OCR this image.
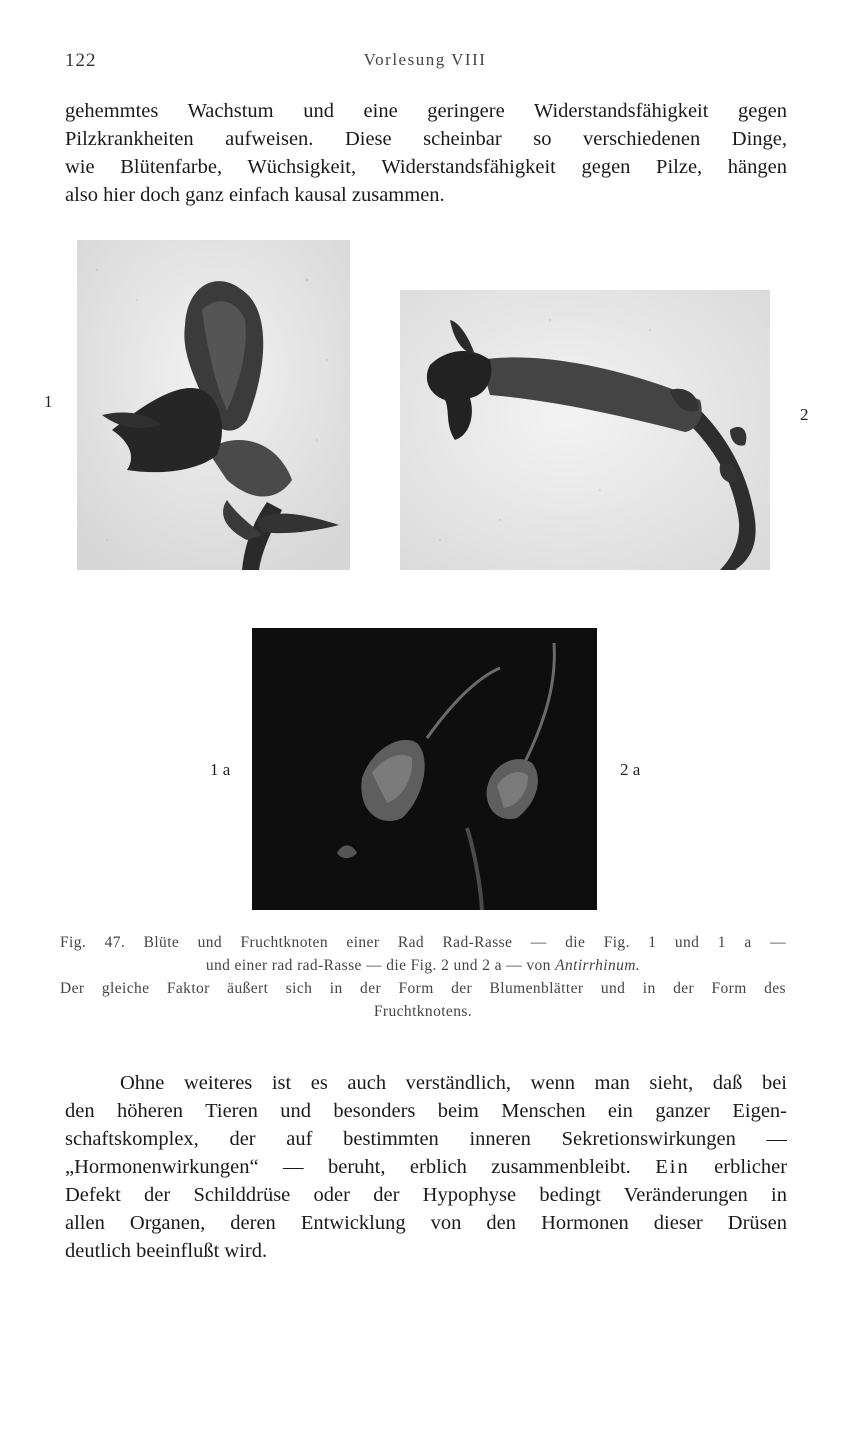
122	Vorlesung VIII
gehemmtes Wachstum und eine geringere Widerstandsfähigkeit gegen
Pilzkrankheiten aufweisen. Diese scheinbar so verschiedenen Dinge,
wie Blütenfarbe, Wüchsigkeit, Widerstandsfähigkeit gegen Pilze, hängen
also hier doch ganz einfach kausal zusammen.
1
2
1 a	2 a
Fig. 47. Blüte und Fruchtknoten einer Rad Rad-Rasse — die Fig. 1 und 1 a —
und einer rad rad-Rasse — die Fig. 2 und 2 a — von Antirrhinum.
Der gleiche Faktor äußert sich in der Form der Blumenblätter und in der Form des
Fruchtknotens.
Ohne weiteres ist es auch verständlich, wenn man sieht, daß bei
den höheren Tieren und besonders beim Menschen ein ganzer Eigen-
schaftskomplex, der auf bestimmten inneren Sekretionswirkungen —
„Hormonenwirkungen“ — beruht, erblich zusammenbleibt. Ein erblicher
Defekt der Schilddrüse oder der Hypophyse bedingt Veränderungen in
allen Organen, deren Entwicklung von den Hormonen dieser Drüsen
deutlich beeinflußt wird.
